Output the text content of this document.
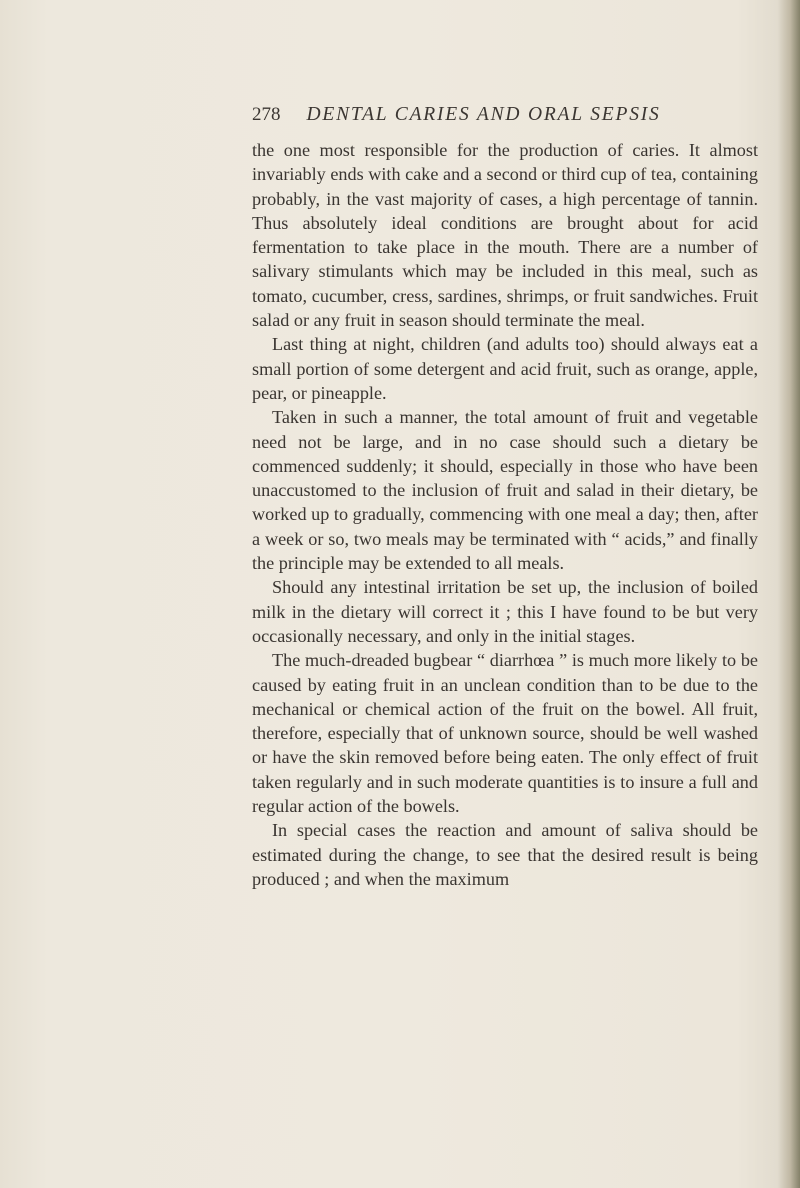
278 DENTAL CARIES AND ORAL SEPSIS

the one most responsible for the production of caries. It almost invariably ends with cake and a second or third cup of tea, containing probably, in the vast majority of cases, a high percentage of tannin. Thus absolutely ideal conditions are brought about for acid fermentation to take place in the mouth. There are a number of salivary stimulants which may be included in this meal, such as tomato, cucumber, cress, sardines, shrimps, or fruit sandwiches. Fruit salad or any fruit in season should terminate the meal.

Last thing at night, children (and adults too) should always eat a small portion of some detergent and acid fruit, such as orange, apple, pear, or pineapple.

Taken in such a manner, the total amount of fruit and vegetable need not be large, and in no case should such a dietary be commenced suddenly; it should, especially in those who have been unaccustomed to the inclusion of fruit and salad in their dietary, be worked up to gradually, commencing with one meal a day; then, after a week or so, two meals may be terminated with “ acids,” and finally the principle may be extended to all meals.

Should any intestinal irritation be set up, the inclusion of boiled milk in the dietary will correct it ; this I have found to be but very occasionally necessary, and only in the initial stages.

The much-dreaded bugbear “ diarrhœa ” is much more likely to be caused by eating fruit in an unclean condition than to be due to the mechanical or chemical action of the fruit on the bowel. All fruit, therefore, especially that of unknown source, should be well washed or have the skin removed before being eaten. The only effect of fruit taken regularly and in such moderate quantities is to insure a full and regular action of the bowels.

In special cases the reaction and amount of saliva should be estimated during the change, to see that the desired result is being produced ; and when the maximum
